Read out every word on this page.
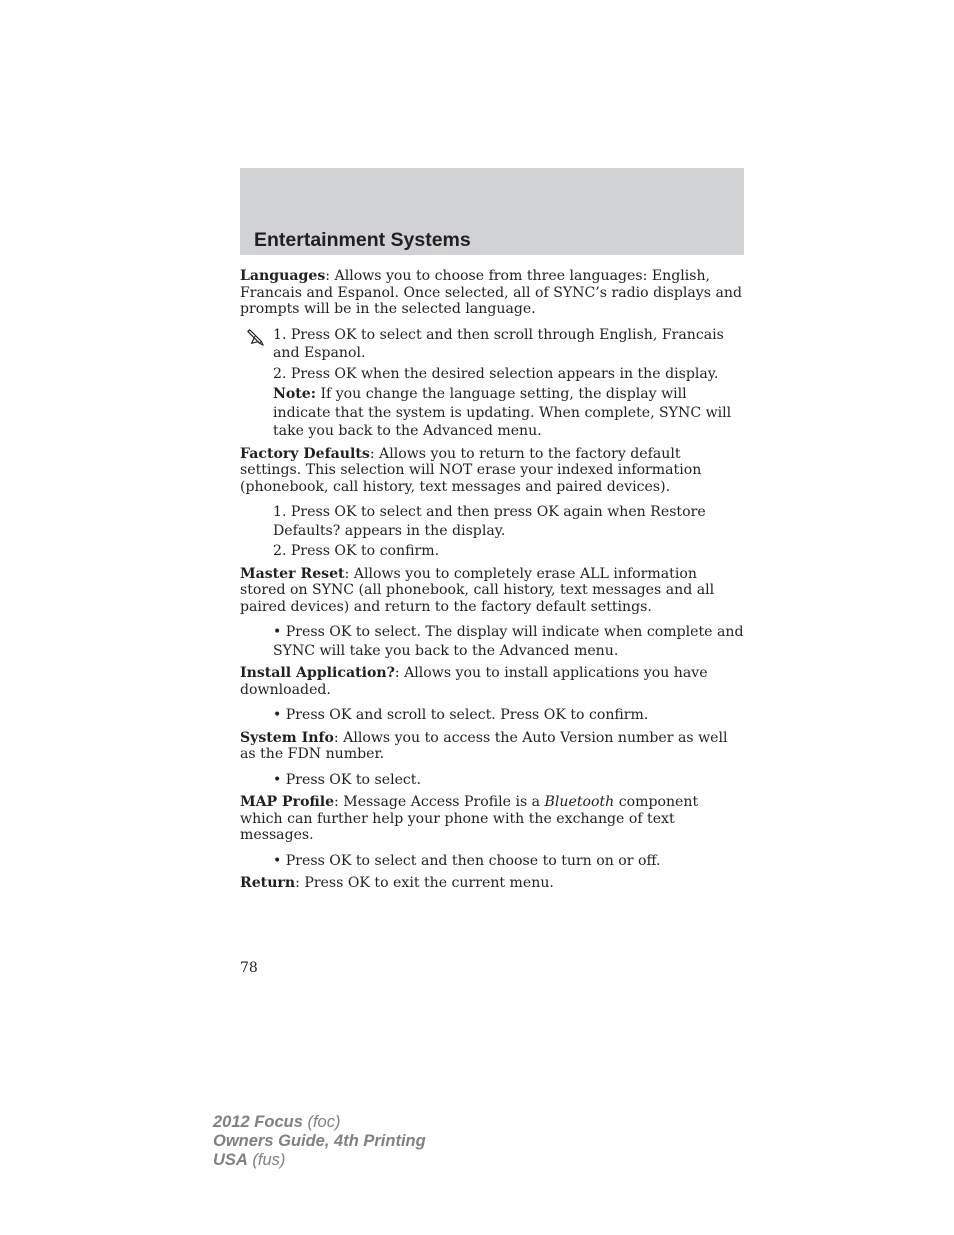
Entertainment Systems

Languages: Allows you to choose from three languages: English, Francais and Espanol. Once selected, all of SYNC’s radio displays and prompts will be in the selected language.

1. Press OK to select and then scroll through English, Francais and Espanol.

2. Press OK when the desired selection appears in the display.

Note: If you change the language setting, the display will indicate that the system is updating. When complete, SYNC will take you back to the Advanced menu.

Factory Defaults: Allows you to return to the factory default settings. This selection will NOT erase your indexed information (phonebook, call history, text messages and paired devices).

1. Press OK to select and then press OK again when Restore Defaults? appears in the display.

2. Press OK to confirm.

Master Reset: Allows you to completely erase ALL information stored on SYNC (all phonebook, call history, text messages and all paired devices) and return to the factory default settings.

• Press OK to select. The display will indicate when complete and SYNC will take you back to the Advanced menu.

Install Application?: Allows you to install applications you have downloaded.

• Press OK and scroll to select. Press OK to confirm.

System Info: Allows you to access the Auto Version number as well as the FDN number.

• Press OK to select.

MAP Profile: Message Access Profile is a Bluetooth component which can further help your phone with the exchange of text messages.

• Press OK to select and then choose to turn on or off.

Return: Press OK to exit the current menu.

78
2012 Focus (foc)
Owners Guide, 4th Printing
USA (fus)
